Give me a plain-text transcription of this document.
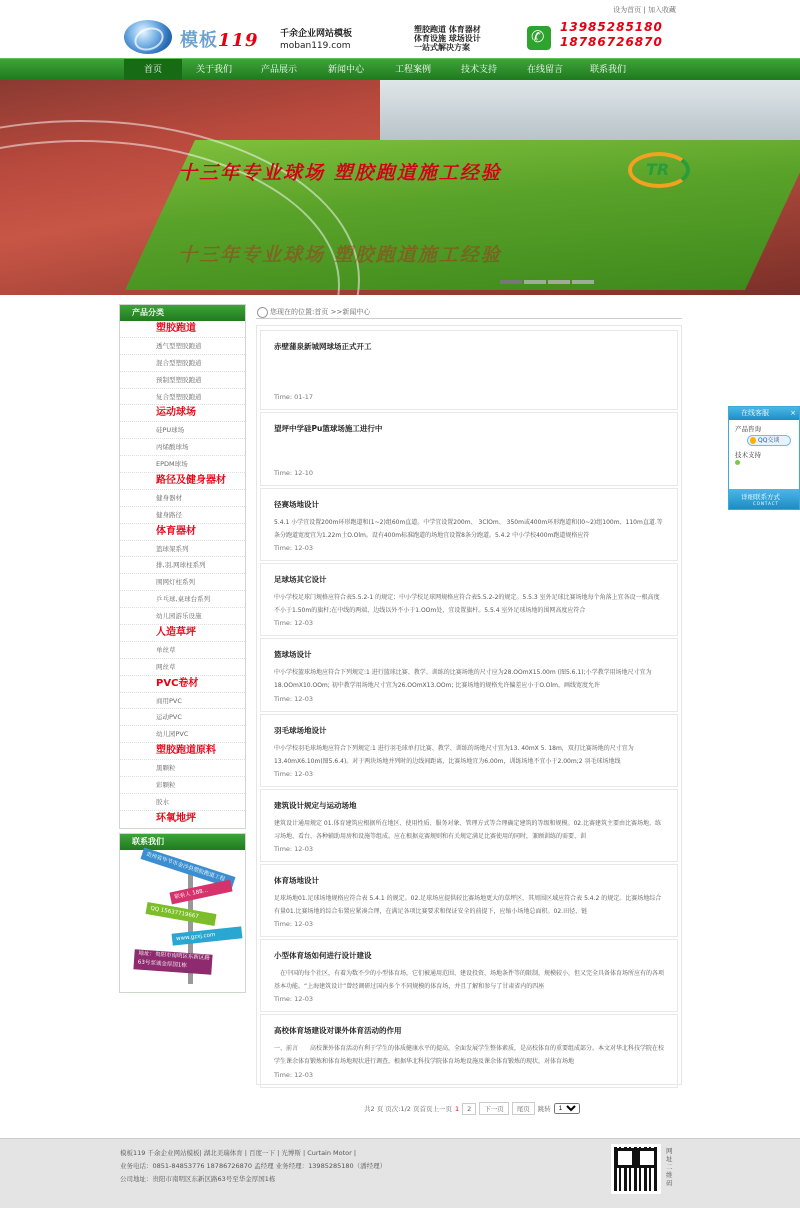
设为首页 | 加入收藏
模板119 千余企业网站模板
moban119.com
塑胶跑道 体育器材
体育设施 球场设计
一站式解决方案
✆
13985285180
18786726870
首页	关于我们	产品展示	新闻中心	工程案例	技术支持	在线留言	联系我们
十三年专业球场 塑胶跑道施工经验
十三年专业球场 塑胶跑道施工经验
TR
产品分类
塑胶跑道
透气型塑胶跑道
混合型塑胶跑道
预制型塑胶跑道
复合型塑胶跑道
运动球场
硅PU球场
丙烯酸球场
EPDM球场
路径及健身器材
健身器材
健身路径
体育器材
篮球架系列
排,羽,网球柱系列
围网灯柱系列
乒乓球,桌球台系列
幼儿园游乐设施
人造草坪
单丝草
网丝草
PVC卷材
商用PVC
运动PVC
幼儿园PVC
塑胶跑道原料
黑颗粒
彩颗粒
胶水
环氧地坪
联系我们
贵州省毕节市金沙县塑胶跑道工程
联系人 188...
QQ 15637719667
www.gzxj.com
地址：贵阳市南明区东新区路63号至诚金厚国1栋
您现在的位置:首页 >>新闻中心
赤壁蒲泉新城网球场正式开工
Time: 01-17
望坪中学硅Pu篮球场施工进行中
Time: 12-10
径赛场地设计
5.4.1 小学宜设置200m环形跑道和(1~2)组60m直道。中学宜设置200m、 3ClOm、 350m或400m环形跑道和(l0~2)组100m、110m直道.等条分跑道宽度宜为1.22m土O.Olm。设有400m标准跑道的场地宜设置8条分跑道。5.4.2 中小学校400m跑道规格应符
Time: 12-03
足球场其它设计
中小学校足球门规格应符合表5.5.2-1 的规定；中小学校足球网规格应符合表5.5.2-2的规定。5.5.3 室外足球比赛场地每个角落上宜各设一根高度不小于1.50m的旗杆;在中线的两端、边线以外不小于1.OOm处，宜设置旗杆。5.5.4 室外足球场地的围网高度应符合
Time: 12-03
篮球场设计
中小学校篮球场地应符合下列规定:1 进行篮球比赛、教学、训练的比赛场地的尺寸应为28.OOmX15.00m (图5.6.1);小学教学用场地尺寸宜为18.OOmX10.OOm; 初中教学用场地尺寸宜为26.OOmX13.OOm; 比赛场地的规格允许偏差应小于O.Olm，画线宽度允许
Time: 12-03
羽毛球场地设计
中小学校羽毛球场地应符合下列规定:1 进行羽毛球单打比赛、教学、训练的场地尺寸宜为13. 40mX 5. 18m，双打比赛场地的尺寸宜为13.40mX6.10m(图5.6.4)。对于两块场地并列时的边线间距离，比赛场地宜为6.00m，训练场地不宜小于2.00m;2 羽毛球场地线
Time: 12-03
建筑设计规定与运动场地
建筑设计通用规定 01.体育建筑应根据所在地区、使用性质、服务对象、管理方式等合理确定建筑的等级和规模。02.比赛建筑主要由比赛场地、练习场地、看台、各种辅助用房和设施等组成。应在根据竞赛规则和有关规定满足比赛使用的同时，兼顾训练的需要、训
Time: 12-03
体育场地设计
足球场地01.足球场地规格应符合表 5.4.1 的规定。02.足球场应提供较比赛场地更大的草坪区，其周围区域应符合表 5.4.2 的规定。比赛场地综合有量01.比赛场地的综合布置应紧凑合理，在满足各项比赛要求和保证安全的前提下，应缩小场地总面积。02.田径、链
Time: 12-03
小型体育场如何进行设计建设
　在中国的每个社区，有着为数不少的小型体育场，它们被通用范围、建设投资、场地条件等的限制，规模较小，但又完全具备体育场所应有的各项基本功能。“上海建筑设计”曾经调研过国内多个不同规模的体育场，并且了解和参与了甘肃省内的四座
Time: 12-03
高校体育场建设对课外体育活动的作用
一、前言　　高校课外体育活动有利于学生的体质健康水平的提高，全面发展学生整体素质，是高校体育的重要组成部分。本文对华北科技学院在校学生课余体育锻炼和体育场地现状进行调查，根据华北科技学院体育场地设施及课余体育锻炼的现状，对体育场地
Time: 12-03
共2 页 页次:1/2 页首页上一页 1	2	下一页	尾页	跳转
1
模板119 千余企业网站模板| 湖北美瑞体育 | 百度一下 | 光博斯 | Curtain Motor |
业务电话：0851-84853776 18786726870 孟经理 业务经理：13985285180（潘经理）
公司地址：贵阳市南明区东新区路63号至华金厚国1栋
网址二维码
在线客服	×
产品咨询
QQ交谈
技术支持
详细联系方式
CONTACT
